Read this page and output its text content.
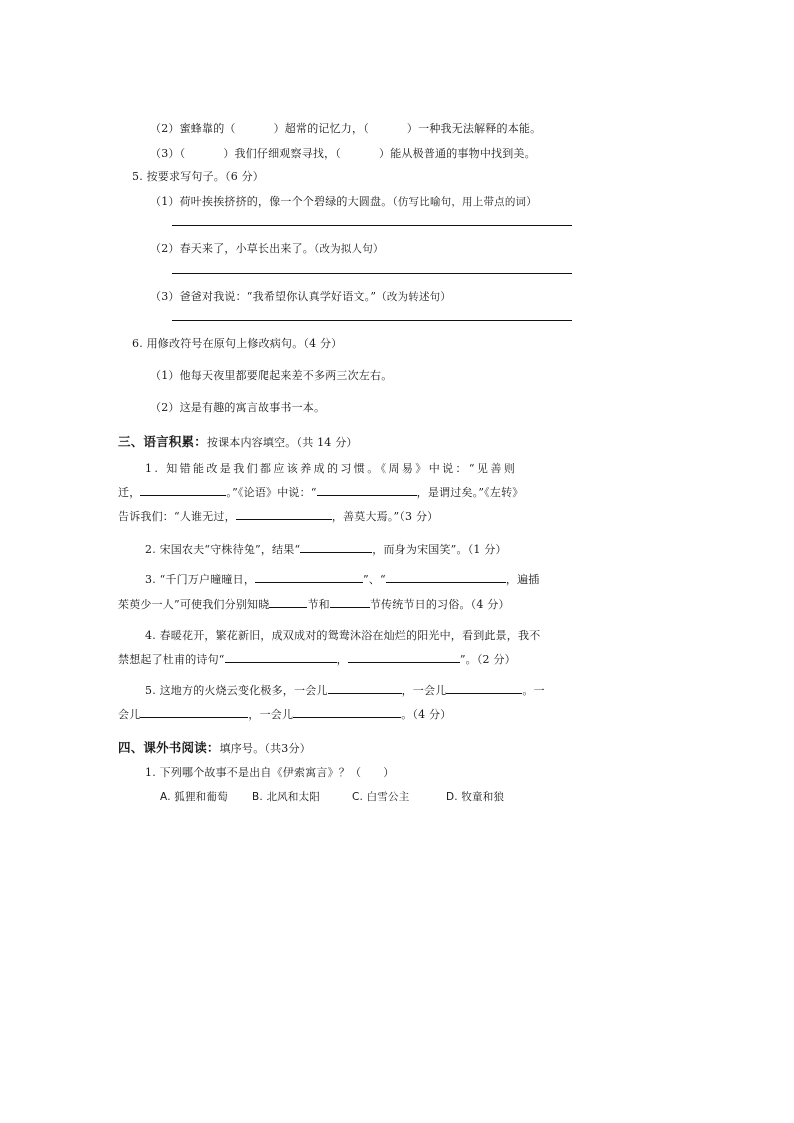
（2）蜜蜂靠的（	）超常的记忆力，（	）一种我无法解释的本能。
（3）（	）我们仔细观察寻找，（	）能从极普通的事物中找到美。
5. 按要求写句子。（6 分）
（1）荷叶挨挨挤挤的，像一个个碧绿的大圆盘。（仿写比喻句，用上带点的词）
（2）春天来了，小草长出来了。（改为拟人句）
（3）爸爸对我说：“我希望你认真学好语文。”（改为转述句）
6. 用修改符号在原句上修改病句。（4 分）
（1）他每天夜里都要爬起来差不多两三次左右。
（2）这是有趣的寓言故事书一本。
三、语言积累：按课本内容填空。（共 14 分）
1. 知错能改是我们都应该养成的习惯。《周易》中说：“见善则
迁，	。”《论语》中说：“	，是谓过矣。”《左转》
告诉我们：“人谁无过，	，善莫大焉。”（3 分）
2. 宋国农夫“守株待兔”，结果“	，而身为宋国笑”。（1 分）
3. “千门万户曈曈日，	”、“	，遍插
茱萸少一人”可使我们分别知晓	节和	节传统节日的习俗。（4 分）
4. 春暖花开，繁花新旧，成双成对的鸳鸯沐浴在灿烂的阳光中，看到此景，我不
禁想起了杜甫的诗句“	，	”。（2 分）
5. 这地方的火烧云变化极多，一会儿	，一会儿	。一
会儿	，一会儿	。（4 分）
四、课外书阅读：填序号。（共3分）
1. 下列哪个故事不是出自《伊索寓言》？（ ）
A. 狐狸和葡萄 B. 北风和太阳	C. 白雪公主	D. 牧童和狼
